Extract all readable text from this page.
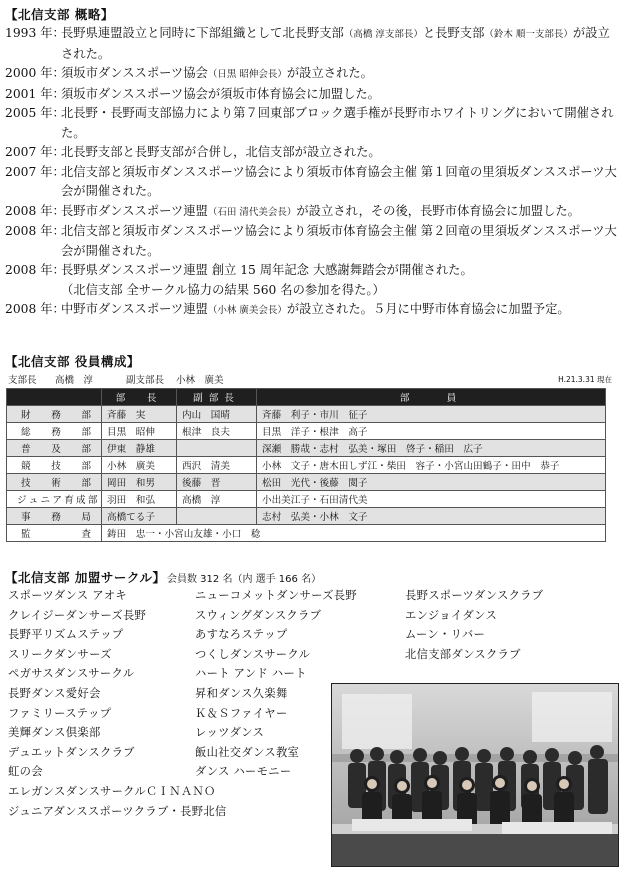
【北信支部 概略】
1993 年：
長野県連盟設立と同時に下部組織として北長野支部（高橋 淳支部長）と長野支部（鈴木 順一支部長）が設立された。
2000 年：
須坂市ダンススポーツ協会（日黒 昭伸会長）が設立された。
2001 年：
須坂市ダンススポーツ協会が須坂市体育協会に加盟した。
2005 年：
北長野・長野両支部協力により第７回東部ブロック選手権が長野市ホワイトリングにおいて開催された。
2007 年：
北長野支部と長野支部が合併し，北信支部が設立された。
2007 年：
北信支部と須坂市ダンススポーツ協会により須坂市体育協会主催 第１回竜の里須坂ダンススポーツ大会が開催された。
2008 年：
長野市ダンススポーツ連盟（石田 清代美会長）が設立され，その後，長野市体育協会に加盟した。
2008 年：
北信支部と須坂市ダンススポーツ協会により須坂市体育協会主催 第２回竜の里須坂ダンススポーツ大会が開催された。
2008 年：
長野県ダンススポーツ連盟 創立 15 周年記念 大感謝舞踏会が開催された。
（北信支部 全サークル協力の結果 560 名の参加を得た。）
2008 年：
中野市ダンススポーツ連盟（小林 廣美会長）が設立された。５月に中野市体育協会に加盟予定。
【北信支部 役員構成】
支部長 高橋　淳	副支部長 小林　廣美	H.21.3.31 現在
	部　長	副部長	部　　員
財務部	斉藤　実	内山　国晴	斉藤　利子・市川　征子
総務部	目黒　昭伸	根津　良夫	目黒　洋子・根津　高子
普及部	伊東　静雄		深瀬　勝哉・志村　弘美・塚田　啓子・稲田　広子
競技部	小林　廣美	西沢　清美	小林　文子・唐木田しず江・柴田　容子・小宮山田鶴子・田中　恭子
技術部	岡田　和男	後藤　晋	松田　光代・後藤　閲子
ジュニア育成部	羽田　和弘	高橋　淳	小出美江子・石田清代美
事務局	高橋てる子		志村　弘美・小林　文子
監査	鋳田　忠一・小宮山友雄・小口　稔		
【北信支部 加盟サークル】 会員数 312 名（内 選手 166 名）
スポーツダンス アオキ
クレイジーダンサーズ長野
長野平リズムステップ
スリークダンサーズ
ペガサスダンスサークル
長野ダンス愛好会
ファミリーステップ
美輝ダンス倶楽部
デュエットダンスクラブ
虹の会
エレガンスダンスサークルＣＩＮＡＮＯ
ジュニアダンススポーツクラブ・長野北信
ニューコメットダンサーズ長野
スウィングダンスクラブ
あすなろステップ
つくしダンスサークル
ハート アンド ハート
昇和ダンス久楽舞
Ｋ＆Ｓファイヤー
レッツダンス
飯山社交ダンス教室
ダンス ハーモニー
長野スポーツダンスクラブ
エンジョイダンス
ムーン・リバー
北信支部ダンスクラブ
